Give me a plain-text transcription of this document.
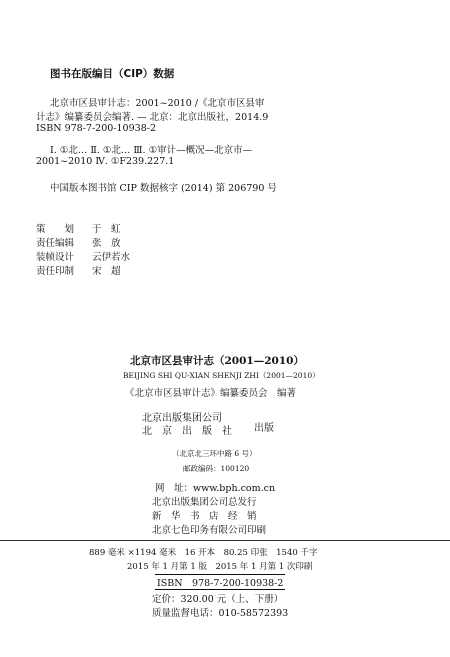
图书在版编目（CIP）数据
北京市区县审计志：2001~2010 /《北京市区县审
计志》编纂委员会编著. — 北京：北京出版社，2014.9
ISBN 978-7-200-10938-2
Ⅰ. ①北… Ⅱ. ①北… Ⅲ. ①审计—概况—北京市—
2001~2010 Ⅳ. ①F239.227.1
中国版本图书馆 CIP 数据核字 (2014) 第 206790 号
策　　划 于　虹
责任编辑 张　放
装帧设计 云伊若水
责任印制 宋　超
北京市区县审计志（2001—2010）
BEIJING SHI QU-XIAN SHENJI ZHI（2001—2010）
《北京市区县审计志》编纂委员会　编著
北京出版集团公司
北　京　出　版　社 出版
（北京北三环中路 6 号）
邮政编码：100120
网　址：www.bph.com.cn
北京出版集团公司总发行
新　华　书　店　经　销
北京七色印务有限公司印刷
889 毫米 ×1194 毫米　16 开本　80.25 印张　1540 千字
2015 年 1 月第 1 版　2015 年 1 月第 1 次印刷
ISBN　978-7-200-10938-2
定价：320.00 元（上、下册）
质量监督电话：010-58572393
